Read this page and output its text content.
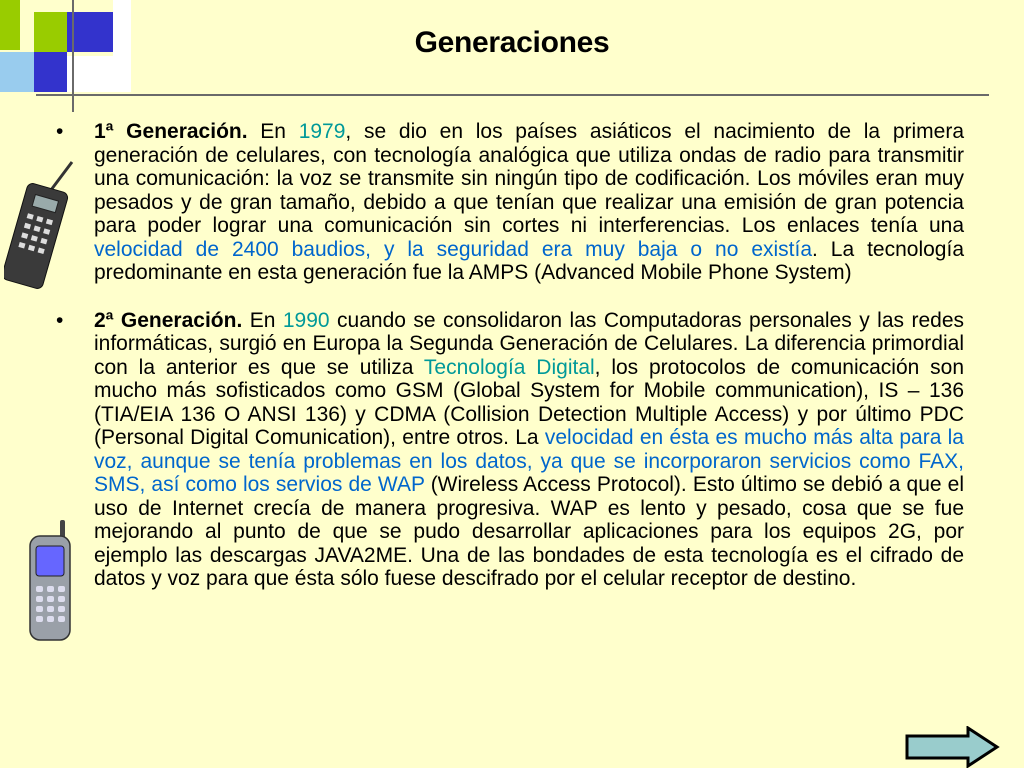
Generaciones

• 1ª Generación. En 1979, se dio en los países asiáticos el nacimiento de la primera generación de celulares, con tecnología analógica que utiliza ondas de radio para transmitir una comunicación: la voz se transmite sin ningún tipo de codificación. Los móviles eran muy pesados y de gran tamaño, debido a que tenían que realizar una emisión de gran potencia para poder lograr una comunicación sin cortes ni interferencias. Los enlaces tenía una velocidad de 2400 baudios, y la seguridad era muy baja o no existía. La tecnología predominante en esta generación fue la AMPS (Advanced Mobile Phone System)

• 2ª Generación. En 1990 cuando se consolidaron las Computadoras personales y las redes informáticas, surgió en Europa la Segunda Generación de Celulares. La diferencia primordial con la anterior es que se utiliza Tecnología Digital, los protocolos de comunicación son mucho más sofisticados como GSM (Global System for Mobile communication), IS – 136 (TIA/EIA 136 O ANSI 136) y CDMA (Collision Detection Multiple Access) y por último PDC (Personal Digital Comunication), entre otros. La velocidad en ésta es mucho más alta para la voz, aunque se tenía problemas en los datos, ya que se incorporaron servicios como FAX, SMS, así como los servios de WAP (Wireless Access Protocol). Esto último se debió a que el uso de Internet crecía de manera progresiva. WAP es lento y pesado, cosa que se fue mejorando al punto de que se pudo desarrollar aplicaciones para los equipos 2G, por ejemplo las descargas JAVA2ME. Una de las bondades de esta tecnología es el cifrado de datos y voz para que ésta sólo fuese descifrado por el celular receptor de destino.
